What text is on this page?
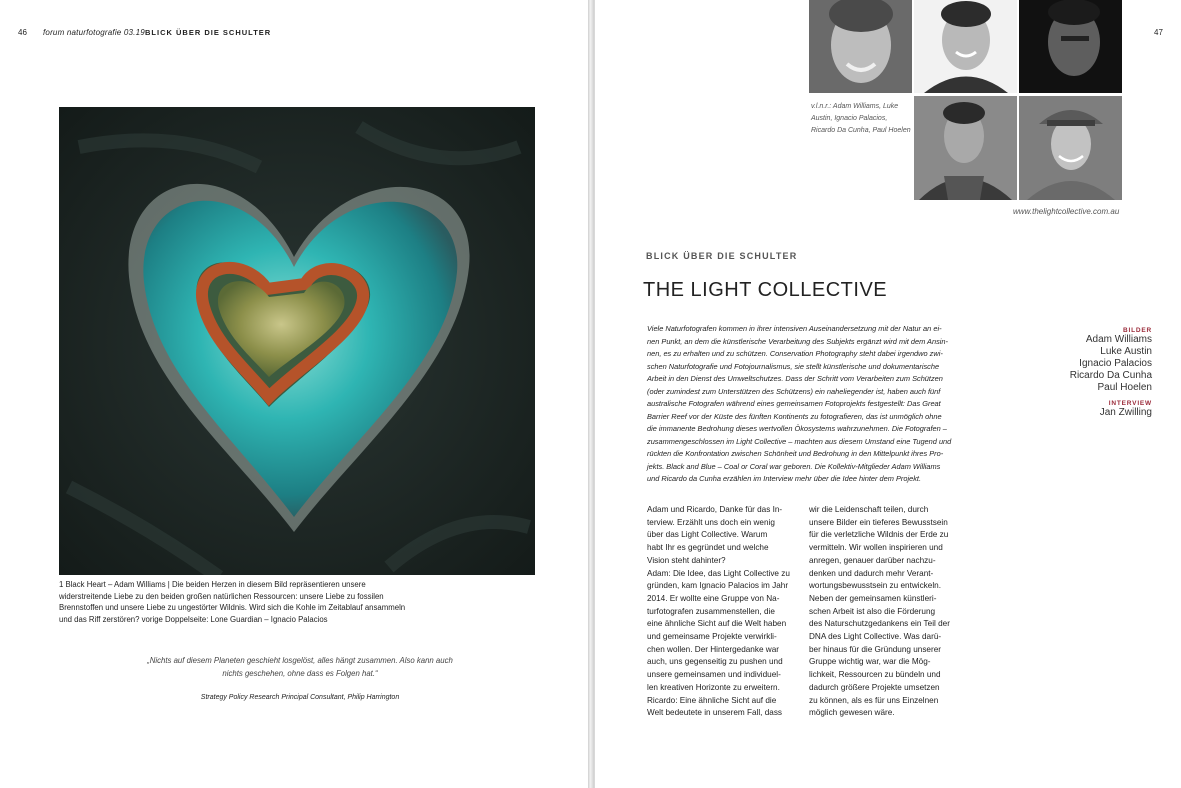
46 forum naturfotografie 03.19 BLICK ÜBER DIE SCHULTER
1 Black Heart – Adam Williams | Die beiden Herzen in diesem Bild repräsentieren unsere
widerstreitende Liebe zu den beiden großen natürlichen Ressourcen: unsere Liebe zu fossilen
Brennstoffen und unsere Liebe zu ungestörter Wildnis. Wird sich die Kohle im Zeitablauf ansammeln
und das Riff zerstören? vorige Doppelseite: Lone Guardian – Ignacio Palacios
„Nichts auf diesem Planeten geschieht losgelöst, alles hängt zusammen. Also kann auch
nichts geschehen, ohne dass es Folgen hat.“
Strategy Policy Research Principal Consultant, Philip Harrington
47
v.l.n.r.: Adam Williams, Luke
Austin, Ignacio Palacios,
Ricardo Da Cunha, Paul Hoelen
www.thelightcollective.com.au
BLICK ÜBER DIE SCHULTER
THE LIGHT COLLECTIVE
Viele Naturfotografen kommen in ihrer intensiven Auseinandersetzung mit der Natur an ei-
nen Punkt, an dem die künstlerische Verarbeitung des Subjekts ergänzt wird mit dem Ansin-
nen, es zu erhalten und zu schützen. Conservation Photography steht dabei irgendwo zwi-
schen Naturfotografie und Fotojournalismus, sie stellt künstlerische und dokumentarische
Arbeit in den Dienst des Umweltschutzes. Dass der Schritt vom Verarbeiten zum Schützen
(oder zumindest zum Unterstützen des Schützens) ein naheliegender ist, haben auch fünf
australische Fotografen während eines gemeinsamen Fotoprojekts festgestellt: Das Great
Barrier Reef vor der Küste des fünften Kontinents zu fotografieren, das ist unmöglich ohne
die immanente Bedrohung dieses wertvollen Ökosystems wahrzunehmen. Die Fotografen –
zusammengeschlossen im Light Collective – machten aus diesem Umstand eine Tugend und
rückten die Konfrontation zwischen Schönheit und Bedrohung in den Mittelpunkt ihres Pro-
jekts. Black and Blue – Coal or Coral war geboren. Die Kollektiv-Mitglieder Adam Williams
und Ricardo da Cunha erzählen im Interview mehr über die Idee hinter dem Projekt.
Adam und Ricardo, Danke für das In-
terview. Erzählt uns doch ein wenig
über das Light Collective. Warum
habt Ihr es gegründet und welche
Vision steht dahinter?
Adam: Die Idee, das Light Collective zu
gründen, kam Ignacio Palacios im Jahr
2014. Er wollte eine Gruppe von Na-
turfotografen zusammenstellen, die
eine ähnliche Sicht auf die Welt haben
und gemeinsame Projekte verwirkli-
chen wollen. Der Hintergedanke war
auch, uns gegenseitig zu pushen und
unsere gemeinsamen und individuel-
len kreativen Horizonte zu erweitern.
Ricardo: Eine ähnliche Sicht auf die
Welt bedeutete in unserem Fall, dass
wir die Leidenschaft teilen, durch
unsere Bilder ein tieferes Bewusstsein
für die verletzliche Wildnis der Erde zu
vermitteln. Wir wollen inspirieren und
anregen, genauer darüber nachzu-
denken und dadurch mehr Verant-
wortungsbewusstsein zu entwickeln.
Neben der gemeinsamen künstleri-
schen Arbeit ist also die Förderung
des Naturschutzgedankens ein Teil der
DNA des Light Collective. Was darü-
ber hinaus für die Gründung unserer
Gruppe wichtig war, war die Mög-
lichkeit, Ressourcen zu bündeln und
dadurch größere Projekte umsetzen
zu können, als es für uns Einzelnen
möglich gewesen wäre.
BILDER
Adam Williams
Luke Austin
Ignacio Palacios
Ricardo Da Cunha
Paul Hoelen
INTERVIEW
Jan Zwilling
